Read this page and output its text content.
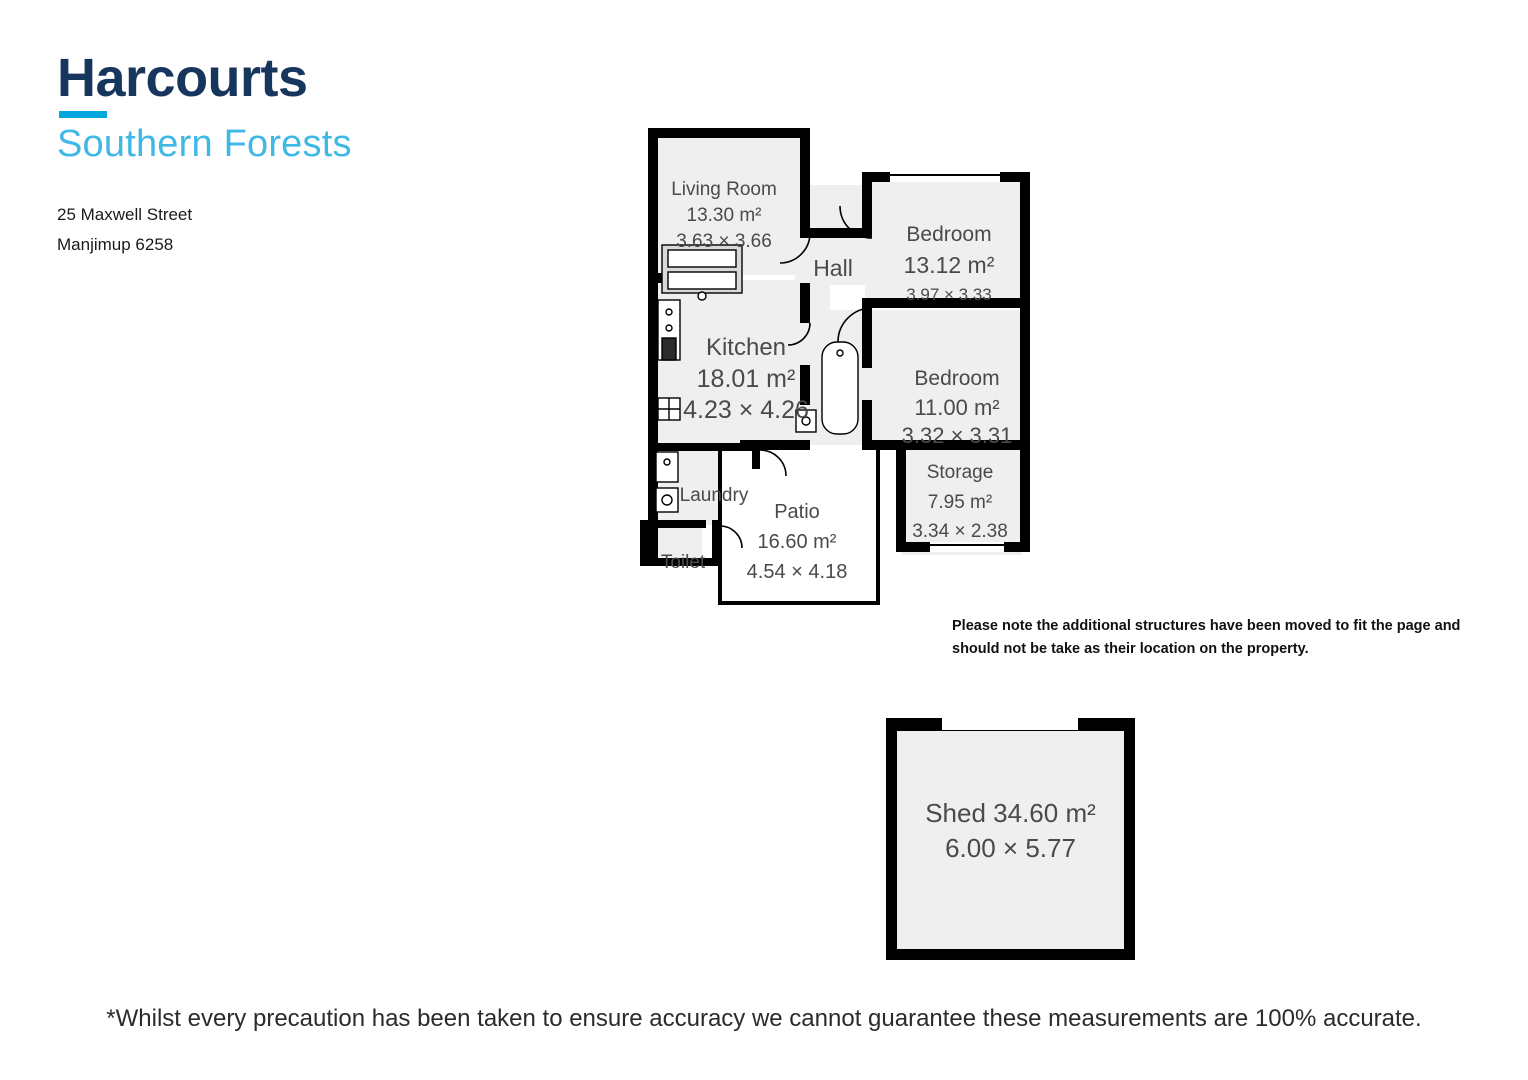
Harcourts
Southern Forests
25 Maxwell Street
Manjimup 6258
Living Room
13.30 m²
3.63 × 3.66
Hall
Bedroom
13.12 m²
3.97 × 3.33
Kitchen
18.01 m²
4.23 × 4.26
Bedroom
11.00 m²
3.32 × 3.31
Storage
7.95 m²
3.34 × 2.38
Laundry
Patio
16.60 m²
4.54 × 4.18
Toilet
Please note the additional structures have been moved to fit the page and should not be take as their location on the property.
Shed 34.60 m² 6.00 × 5.77
*Whilst every precaution has been taken to ensure accuracy we cannot guarantee these measurements are 100% accurate.
